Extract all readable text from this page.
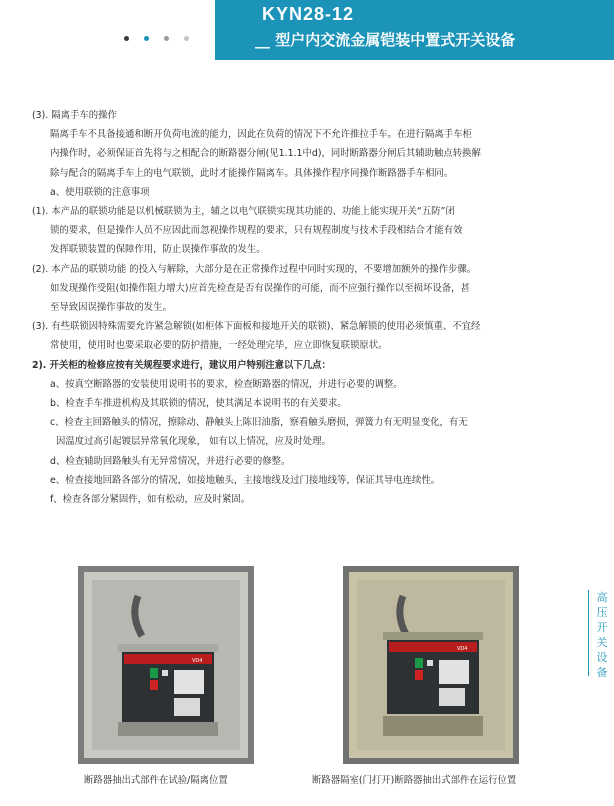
KYN28-12
__ 型户内交流金属铠装中置式开关设备
(3). 隔离手车的操作
隔离手车不具备接通和断开负荷电流的能力，因此在负荷的情况下不允许推拉手车。在进行隔离手车柜
内操作时，必须保证首先将与之相配合的断路器分闸(见1.1.1中d)，同时断路器分闸后其辅助触点转换解
除与配合的隔离手车上的电气联锁，此时才能操作隔离车。具体操作程序同操作断路器手车相同。
a、使用联锁的注意事项
(1). 本产品的联锁功能是以机械联锁为主，辅之以电气联锁实现其功能的、功能上能实现开关“五防”闭
锁的要求，但是操作人员不应因此而忽视操作规程的要求，只有规程制度与技术手段相结合才能有效
发挥联锁装置的保障作用，防止误操作事故的发生。
(2). 本产品的联锁功能 的投入与解除，大部分是在正常操作过程中同时实现的，不要增加额外的操作步骤。
如发现操作受阻(如操作阻力增大)应首先检查是否有误操作的可能，而不应强行操作以至损坏设备，甚
至导致因误操作事故的发生。
(3). 有些联锁因特殊需要允许紧急解锁(如柜体下面板和接地开关的联锁)、紧急解锁的使用必须慎重、不宜经
常使用，使用时也要采取必要的防护措施，一经处理完毕，应立即恢复联锁原状。
2). 开关柜的检修应按有关规程要求进行，建议用户特别注意以下几点：
a、按真空断路器的安装使用说明书的要求，检查断路器的情况，并进行必要的调整。
b、检查手车推进机构及其联锁的情况，使其满足本说明书的有关要求。
c、检查主回路触头的情况，擦除动、静触头上陈旧油脂，察看触头磨损，弹簧力有无明显变化，有无
因温度过高引起镀层异常氧化现象， 如有以上情况，应及时处理。
d、检查辅助回路触头有无异常情况，并进行必要的修整。
e、检查接地回路各部分的情况，如接地触头，主接地线及过门接地线等，保证其导电连续性。
f、检查各部分紧固件，如有松动，应及时紧固。
VD4
VD4
断路器抽出式部件在试验/隔离位置	断路器隔室(门打开)断路器抽出式部件在运行位置
高
压
开
关
设
备
